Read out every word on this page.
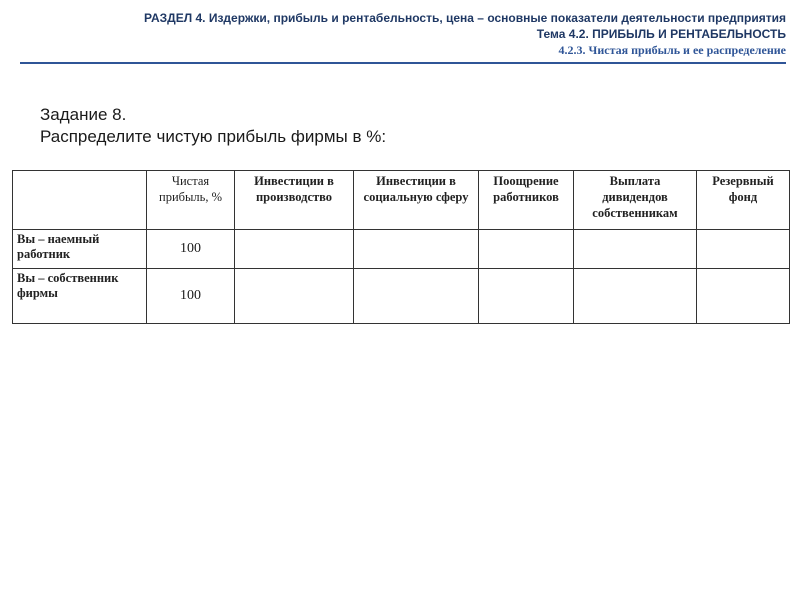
РАЗДЕЛ 4. Издержки, прибыль и рентабельность, цена – основные показатели деятельности предприятия
Тема 4.2. ПРИБЫЛЬ И РЕНТАБЕЛЬНОСТЬ
4.2.3. Чистая прибыль и ее распределение
Задание 8.
Распределите чистую прибыль фирмы в %:
	Чистая прибыль, %	Инвестиции в производство	Инвестиции в социальную сферу	Поощрение работников	Выплата дивидендов собственникам	Резервный фонд
Вы – наемный работник	100					
Вы – собственник фирмы	100					
